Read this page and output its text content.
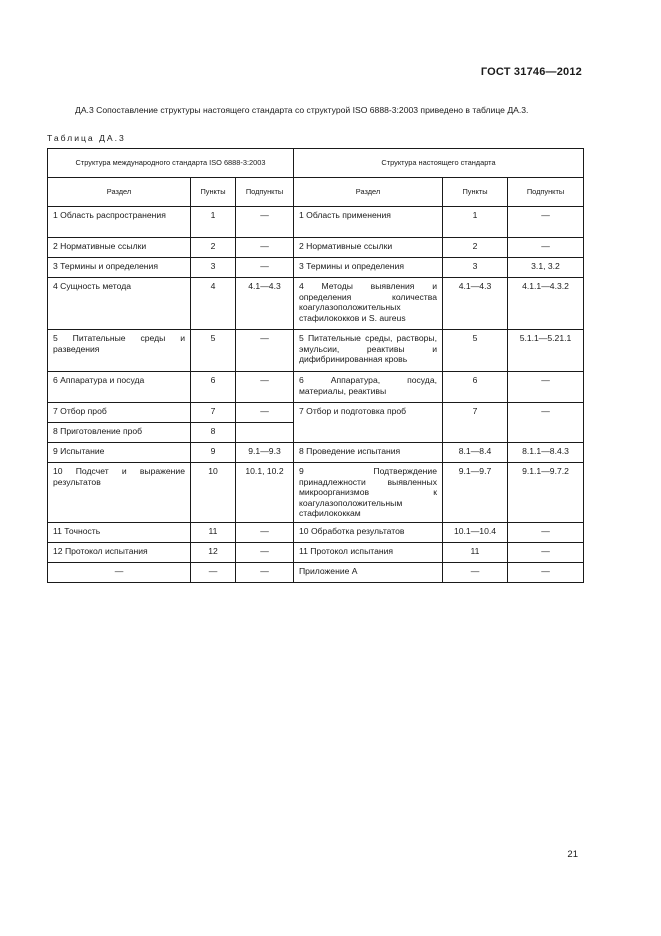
ГОСТ 31746—2012

ДА.3 Сопоставление структуры настоящего стандарта со структурой ISO 6888-3:2003 приведено в таблице ДА.3.

Таблица ДА.3
Структура международного стандарта ISO 6888-3:2003			Структура настоящего стандарта		
Раздел	Пункты	Подпункты	Раздел	Пункты	Подпункты
1 Область распространения	1	—	1 Область применения	1	—
2 Нормативные ссылки	2	—	2 Нормативные ссылки	2	—
3 Термины и определения	3	—	3 Термины и определения	3	3.1, 3.2
4 Сущность метода	4	4.1—4.3	4 Методы выявления и определения количества коагулазоположительных стафилококков и S. aureus	4.1—4.3	4.1.1—4.3.2
5 Питательные среды и разведения	5	—	5 Питательные среды, растворы, эмульсии, реактивы и дифибринированная кровь	5	5.1.1—5.21.1
6 Аппаратура и посуда	6	—	6 Аппаратура, посуда, материалы, реактивы	6	—
7 Отбор проб	7	—	7 Отбор и подготовка проб	7	—
8 Приготовление проб	8				
9 Испытание	9	9.1—9.3	8 Проведение испытания	8.1—8.4	8.1.1—8.4.3
10 Подсчет и выражение результатов	10	10.1, 10.2	9 Подтверждение принадлежности выявленных микроорганизмов к коагулазоположительным стафилококкам	9.1—9.7	9.1.1—9.7.2
11 Точность	11	—	10 Обработка результатов	10.1—10.4	—
12 Протокол испытания	12	—	11 Протокол испытания	11	—
—	—	—	Приложение А	—	—
21
